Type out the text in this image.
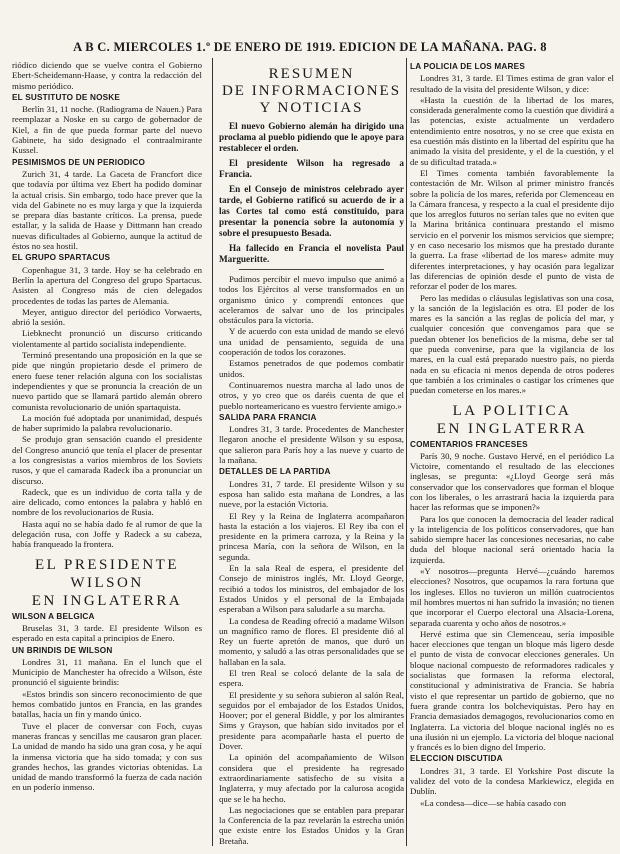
A B C. MIERCOLES 1.º DE ENERO DE 1919. EDICION DE LA MAÑANA. PAG. 8

riódico diciendo que se vuelve contra el Gobierno Ebert-Scheidemann-Haase, y contra la redacción del mismo periódico.

EL SUSTITUTO DE NOSKE

Berlín 31, 11 noche. (Radiograma de Nauen.) Para reemplazar a Noske en su cargo de gobernador de Kiel, a fin de que pueda formar parte del nuevo Gabinete, ha sido designado el contraalmirante Kussel.

PESIMISMOS DE UN PERIODICO

Zurich 31, 4 tarde. La Gaceta de Francfort dice que todavía por última vez Ebert ha podido dominar la actual crisis. Sin embargo, todo hace prever que la vida del Gabinete no es muy larga y que la izquierda se prepara días bastante críticos. La prensa, puede estallar, y la salida de Haase y Dittmann han creado nuevas dificultades al Gobierno, aunque la actitud de éstos no sea hostil.

EL GRUPO SPARTACUS

Copenhague 31, 3 tarde. Hoy se ha celebrado en Berlín la apertura del Congreso del grupo Spartacus. Asisten al Congreso más de cien delegados procedentes de todas las partes de Alemania.

Meyer, antiguo director del periódico Vorwaerts, abrió la sesión.

Liebknecht pronunció un discurso criticando violentamente al partido socialista independiente.

Terminó presentando una proposición en la que se pide que ningún propietario desde el primero de enero fuese tener relación alguna con los socialistas independientes y que se pronuncia la creación de un nuevo partido que se llamará partido alemán obrero comunista revolucionario de unión spartaquista.

La moción fué adoptada por unanimidad, después de haber suprimido la palabra revolucionario.

Se produjo gran sensación cuando el presidente del Congreso anunció que tenía el placer de presentar a los congresistas a varios miembros de los Soviets rusos, y que el camarada Radeck iba a pronunciar un discurso.

Radeck, que es un individuo de corta talla y de aire delicado, como entonces la palabra y habló en nombre de los revolucionarios de Rusia.

Hasta aquí no se había dado fe al rumor de que la delegación rusa, con Joffe y Radeck a su cabeza, había franqueado la frontera.

EL PRESIDENTE
WILSON
EN INGLATERRA
WILSON A BELGICA

Bruselas 31, 3 tarde. El presidente Wilson es esperado en esta capital a principios de Enero.

UN BRINDIS DE WILSON

Londres 31, 11 mañana. En el lunch que el Municipio de Manchester ha ofrecido a Wilson, éste pronunció el siguiente brindis:

«Estos brindis son sincero reconocimiento de que hemos combatido juntos en Francia, en las grandes batallas, hacia un fin y mando único.

Tuve el placer de conversar con Foch, cuyas maneras francas y sencillas me causaron gran placer. La unidad de mando ha sido una gran cosa, y he aquí la inmensa victoria que ha sido tomada; y con sus grandes hechos, las grandes victorias obtenidas. La unidad de mando transformó la fuerza de cada nación en un poderío inmenso.

RESUMEN
DE INFORMACIONES
Y NOTICIAS
El nuevo Gobierno alemán ha dirigido una proclama al pueblo pidiendo que le apoye para restablecer el orden.
El presidente Wilson ha regresado a Francia.
En el Consejo de ministros celebrado ayer tarde, el Gobierno ratificó su acuerdo de ir a las Cortes tal como está constituido, para presentar la ponencia sobre la autonomía y sobre el presupuesto Besada.
Ha fallecido en Francia el novelista Paul Margueritte.

Pudimos percibir el nuevo impulso que animó a todos los Ejércitos al verse transformados en un organismo único y comprendí entonces que aceleramos de salvar uno de los principales obstáculos para la victoria.

Y de acuerdo con esta unidad de mando se elevó una unidad de pensamiento, seguida de una cooperación de todos los corazones.

Estamos penetrados de que podemos combatir unidos.

Continuaremos nuestra marcha al lado unos de otros, y yo creo que os daréis cuenta de que el pueblo norteamericano es vuestro ferviente amigo.»

SALIDA PARA FRANCIA

Londres 31, 3 tarde. Procedentes de Manchester llegaron anoche el presidente Wilson y su esposa, que salieron para París hoy a las nueve y cuarto de la mañana.

DETALLES DE LA PARTIDA

Londres 31, 7 tarde. El presidente Wilson y su esposa han salido esta mañana de Londres, a las nueve, por la estación Victoria.

El Rey y la Reina de Inglaterra acompañaron hasta la estación a los viajeros. El Rey iba con el presidente en la primera carroza, y la Reina y la princesa María, con la señora de Wilson, en la segunda.

En la sala Real de espera, el presidente del Consejo de ministros inglés, Mr. Lloyd George, recibió a todos los ministros, del embajador de los Estados Unidos y el personal de la Embajada esperaban a Wilson para saludarle a su marcha.

La condesa de Reading ofreció a madame Wilson un magnífico ramo de flores. El presidente dió al Rey un fuerte apretón de manos, que duró un momento, y saludó a las otras personalidades que se hallaban en la sala.

El tren Real se colocó delante de la sala de espera.

El presidente y su señora subieron al salón Real, seguidos por el embajador de los Estados Unidos, Hoover; por el general Biddle, y por los almirantes Sims y Grayson, que habían sido invitados por el presidente para acompañarle hasta el puerto de Dover.

La opinión del acompañamiento de Wilson considera que el presidente ha regresado extraordinariamente satisfecho de su visita a Inglaterra, y muy afectado por la calurosa acogida que se le ha hecho.

Las negociaciones que se entablen para preparar la Conferencia de la paz revelarán la estrecha unión que existe entre los Estados Unidos y la Gran Bretaña.

LA POLICIA DE LOS MARES

Londres 31, 3 tarde. El Times estima de gran valor el resultado de la visita del presidente Wilson, y dice:

«Hasta la cuestión de la libertad de los mares, considerada generalmente como la cuestión que dividirá a las potencias, existe actualmente un verdadero entendimiento entre nosotros, y no se cree que exista en esa cuestión más distinto en la libertad del espíritu que ha animado la visita del presidente, y el de la cuestión, y el de su dificultad tratada.»

El Times comenta también favorablemente la contestación de Mr. Wilson al primer ministro francés sobre la policía de los mares, referida por Clemenceau en la Cámara francesa, y respecto a la cual el presidente dijo que los arreglos futuros no serían tales que no eviten que la Marina británica continuara prestando el mismo servicio en el porvenir los mismos servicios que siempre; y en caso necesario los mismos que ha prestado durante la guerra. La frase «libertad de los mares» admite muy diferentes interpretaciones, y hay ocasión para legalizar las diferencias de opinión desde el punto de vista de reforzar el poder de los mares.

Pero las medidas o cláusulas legislativas son una cosa, y la sanción de la legislación es otra. El poder de los mares es la sanción a las reglas de policía del mar, y cualquier concesión que convengamos para que se puedan obtener los beneficios de la misma, debe ser tal que pueda convenirse, para que la vigilancia de los mares, en la cual está preparado nuestro país, no pierda nada en su eficacia ni menos dependa de otros poderes que también a los criminales o castigar los crímenes que puedan cometerse en los mares.»

LA POLITICA
EN INGLATERRA
COMENTARIOS FRANCESES

París 30, 9 noche. Gustavo Hervé, en el periódico La Victoire, comentando el resultado de las elecciones inglesas, se pregunta: «¿Lloyd George será más conservador que los conservadores que forman el bloque con los liberales, o les arrastrará hacia la izquierda para hacer las reformas que se imponen?»

Para los que conocen la democracia del leader radical y la inteligencia de los políticos conservadores, que han sabido siempre hacer las concesiones necesarias, no cabe duda del bloque nacional será orientado hacia la izquierda.

«Y nosotros—pregunta Hervé—¿cuándo haremos elecciones? Nosotros, que ocupamos la rara fortuna que los ingleses. Ellos no tuvieron un millón cuatrocientos mil hombres muertos ni han sufrido la invasión; no tienen que incorporar el Cuerpo electoral una Alsacia-Lorena, separada cuarenta y ocho años de nosotros.»

Hervé estima que sin Clemenceau, sería imposible hacer elecciones que tengan un bloque más ligero desde el punto de vista de convocar elecciones generales. Un bloque nacional compuesto de reformadores radicales y socialistas que formasen la reforma electoral, constitucional y administrativa de Francia. Se habría visto el que representar un partido de gobierno, que no fuera grande contra los bolcheviquistas. Pero hay en Francia demasiados demagogos, revolucionarios como en Inglaterra. La victoria del bloque nacional inglés no es una ilusión ni un ejemplo. La victoria del bloque nacional y francés es lo bien digno del Imperio.

ELECCION DISCUTIDA

Londres 31, 3 tarde. El Yorkshire Post discute la validez del voto de la condesa Markiewicz, elegida en Dublín.

«La condesa—dice—se había casado con
